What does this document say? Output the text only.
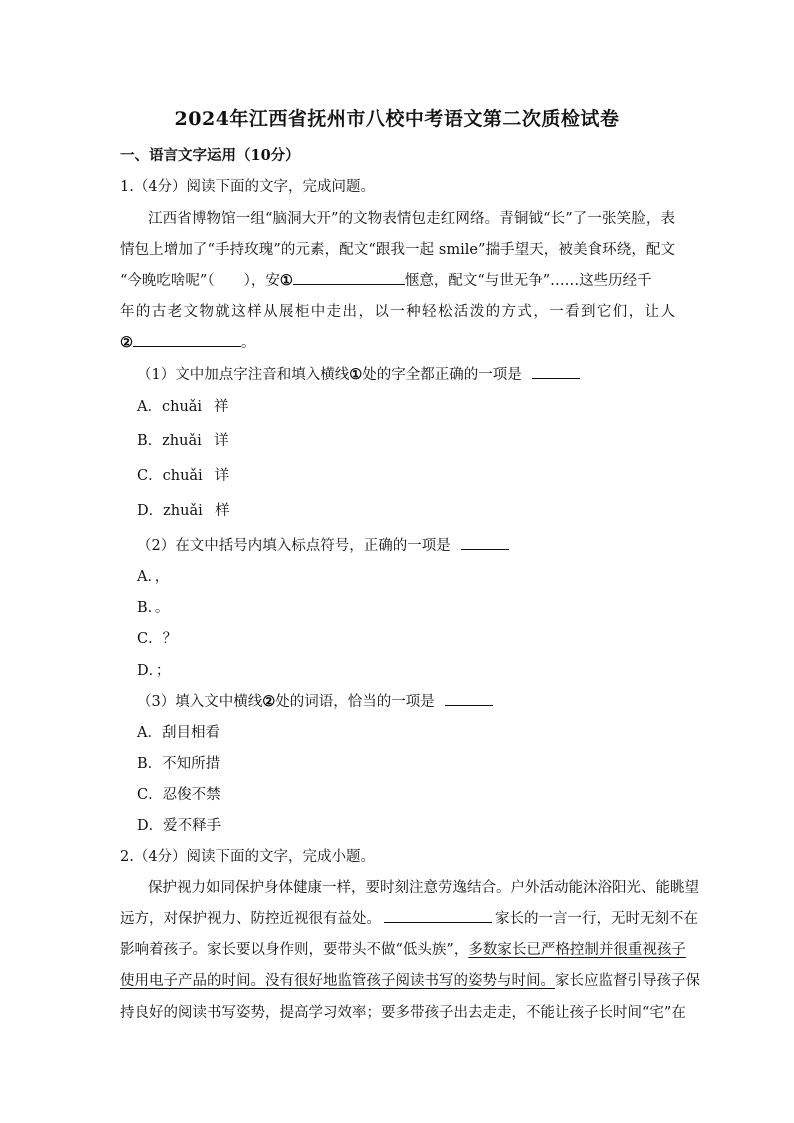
2024年江西省抚州市八校中考语文第二次质检试卷
一、语言文字运用（10分）
1.（4分）阅读下面的文字，完成问题。
江西省博物馆一组“脑洞大开”的文物表情包走红网络。青铜钺“长”了一张笑脸，表
情包上增加了“手持玫瑰”的元素，配文“跟我一起 smile”揣手望天，被美食环绕，配文
“今晚吃啥呢”（　　），安①	惬意，配文“与世无争”……这些历经千
年的古老文物就这样从展柜中走出，以一种轻松活泼的方式，一看到它们，让人
②	。
（1）文中加点字注音和填入横线①处的字全都正确的一项是
A．chuǎi 祥
B．zhuǎi 详
C．chuǎi 详
D．zhuǎi 样
（2）在文中括号内填入标点符号，正确的一项是
A．，
B．。
C．？
D．；
（3）填入文中横线②处的词语，恰当的一项是
A．刮目相看
B．不知所措
C．忍俊不禁
D．爱不释手
2.（4分）阅读下面的文字，完成小题。
保护视力如同保护身体健康一样，要时刻注意劳逸结合。户外活动能沐浴阳光、能眺望
远方，对保护视力、防控近视很有益处。	家长的一言一行，无时无刻不在
影响着孩子。家长要以身作则，要带头不做“低头族”，多数家长已严格控制并很重视孩子
使用电子产品的时间。没有很好地监管孩子阅读书写的姿势与时间。家长应监督引导孩子保
持良好的阅读书写姿势，提高学习效率；要多带孩子出去走走，不能让孩子长时间“宅”在
